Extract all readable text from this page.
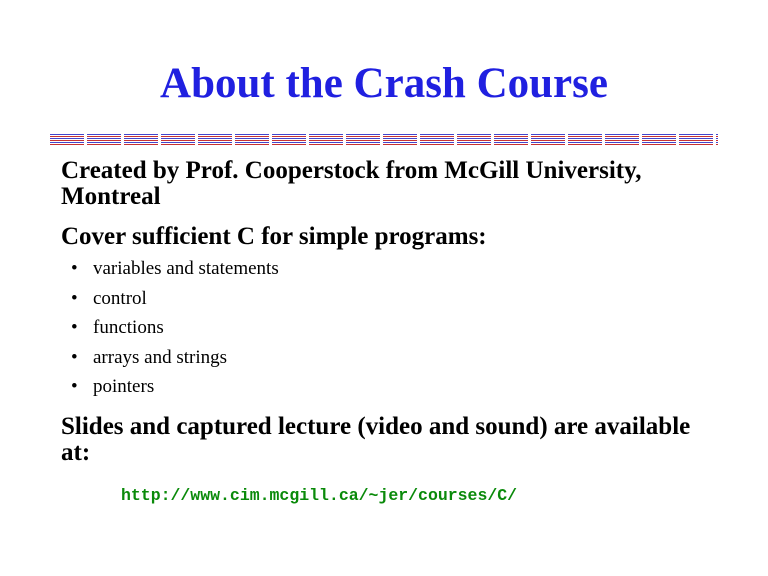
About the Crash Course

Created by Prof. Cooperstock from McGill University, Montreal

Cover sufficient C for simple programs:

• variables and statements
• control
• functions
• arrays and strings
• pointers

Slides and captured lecture (video and sound) are available at:

http://www.cim.mcgill.ca/~jer/courses/C/
